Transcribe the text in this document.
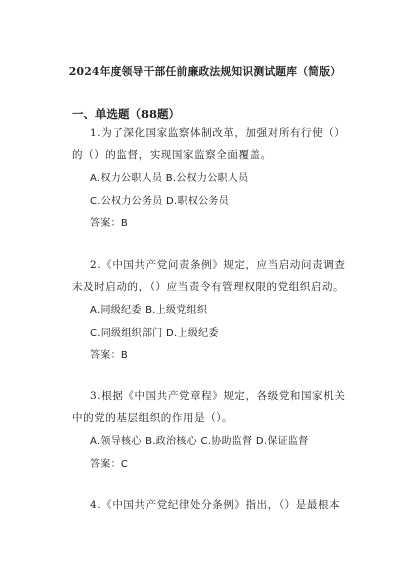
2024年度领导干部任前廉政法规知识测试题库（简版）
一、单选题（88题）
1.为了深化国家监察体制改革，加强对所有行使（）
的（）的监督，实现国家监察全面覆盖。
A.权力公职人员 B.公权力公职人员
C.公权力公务员 D.职权公务员
答案：B
2.《中国共产党问责条例》规定，应当启动问责调查
未及时启动的，（）应当责令有管理权限的党组织启动。
A.同级纪委 B.上级党组织
C.同级组织部门 D.上级纪委
答案：B
3.根据《中国共产党章程》规定，各级党和国家机关
中的党的基层组织的作用是（）。
A.领导核心 B.政治核心 C.协助监督 D.保证监督
答案：C
4.《中国共产党纪律处分条例》指出，（）是最根本
